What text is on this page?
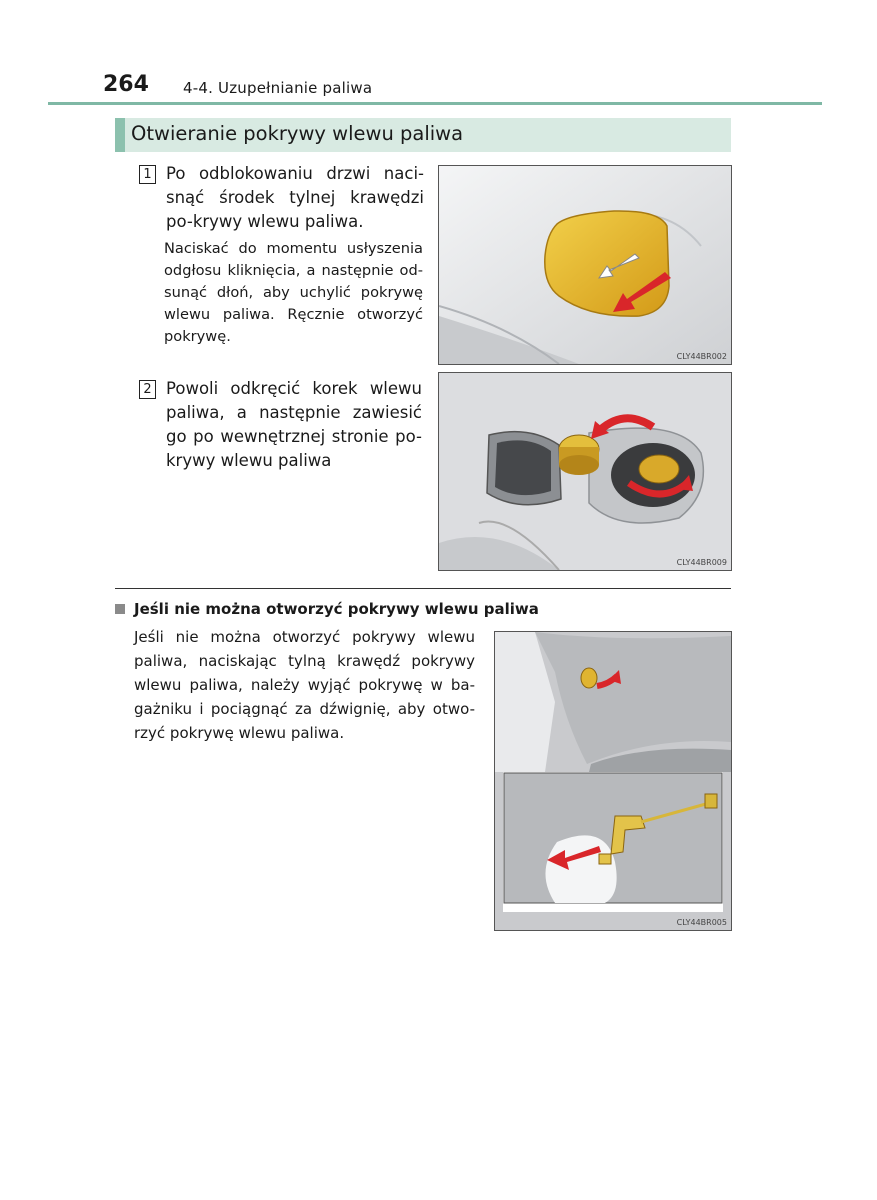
264 4-4. Uzupełnianie paliwa
Otwieranie pokrywy wlewu paliwa
1 Po odblokowaniu drzwi naci-snąć środek tylnej krawędzi po-krywy wlewu paliwa.

Naciskać do momentu usłyszenia odgłosu kliknięcia, a następnie od-sunąć dłoń, aby uchylić pokrywę wlewu paliwa. Ręcznie otworzyć pokrywę.

CLY44BR002
2 Powoli odkręcić korek wlewu paliwa, a następnie zawiesić go po wewnętrznej stronie po-krywy wlewu paliwa

CLY44BR009
Jeśli nie można otworzyć pokrywy wlewu paliwa

Jeśli nie można otworzyć pokrywy wlewu paliwa, naciskając tylną krawędź pokrywy wlewu paliwa, należy wyjąć pokrywę w ba-gażniku i pociągnąć za dźwignię, aby otwo-rzyć pokrywę wlewu paliwa.

CLY44BR005
